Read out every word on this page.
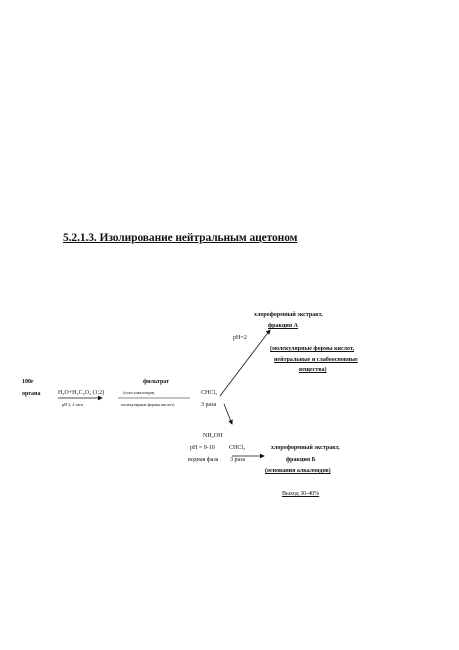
5.2.1.3. Изолирование нейтральным ацетоном
хлороформный экстракт,
фракция А
pH=2
(молекулярные формы кислот,
нейтральные и слабоосновные
вещества)
100г	фильтрат
органа	H₂O+H₂C₂O₄ (1:2)	(соли алкалоидов,	CHCl₃
pH 3, 2 часа	молекулярные формы кислот)	3 раза
NH₄OH
pH = 9-10 CHCl₃	хлороформный экстракт,
водная фаза 3 раза	фракция Б
(основания алкалоидов)
Выход 30-40%
